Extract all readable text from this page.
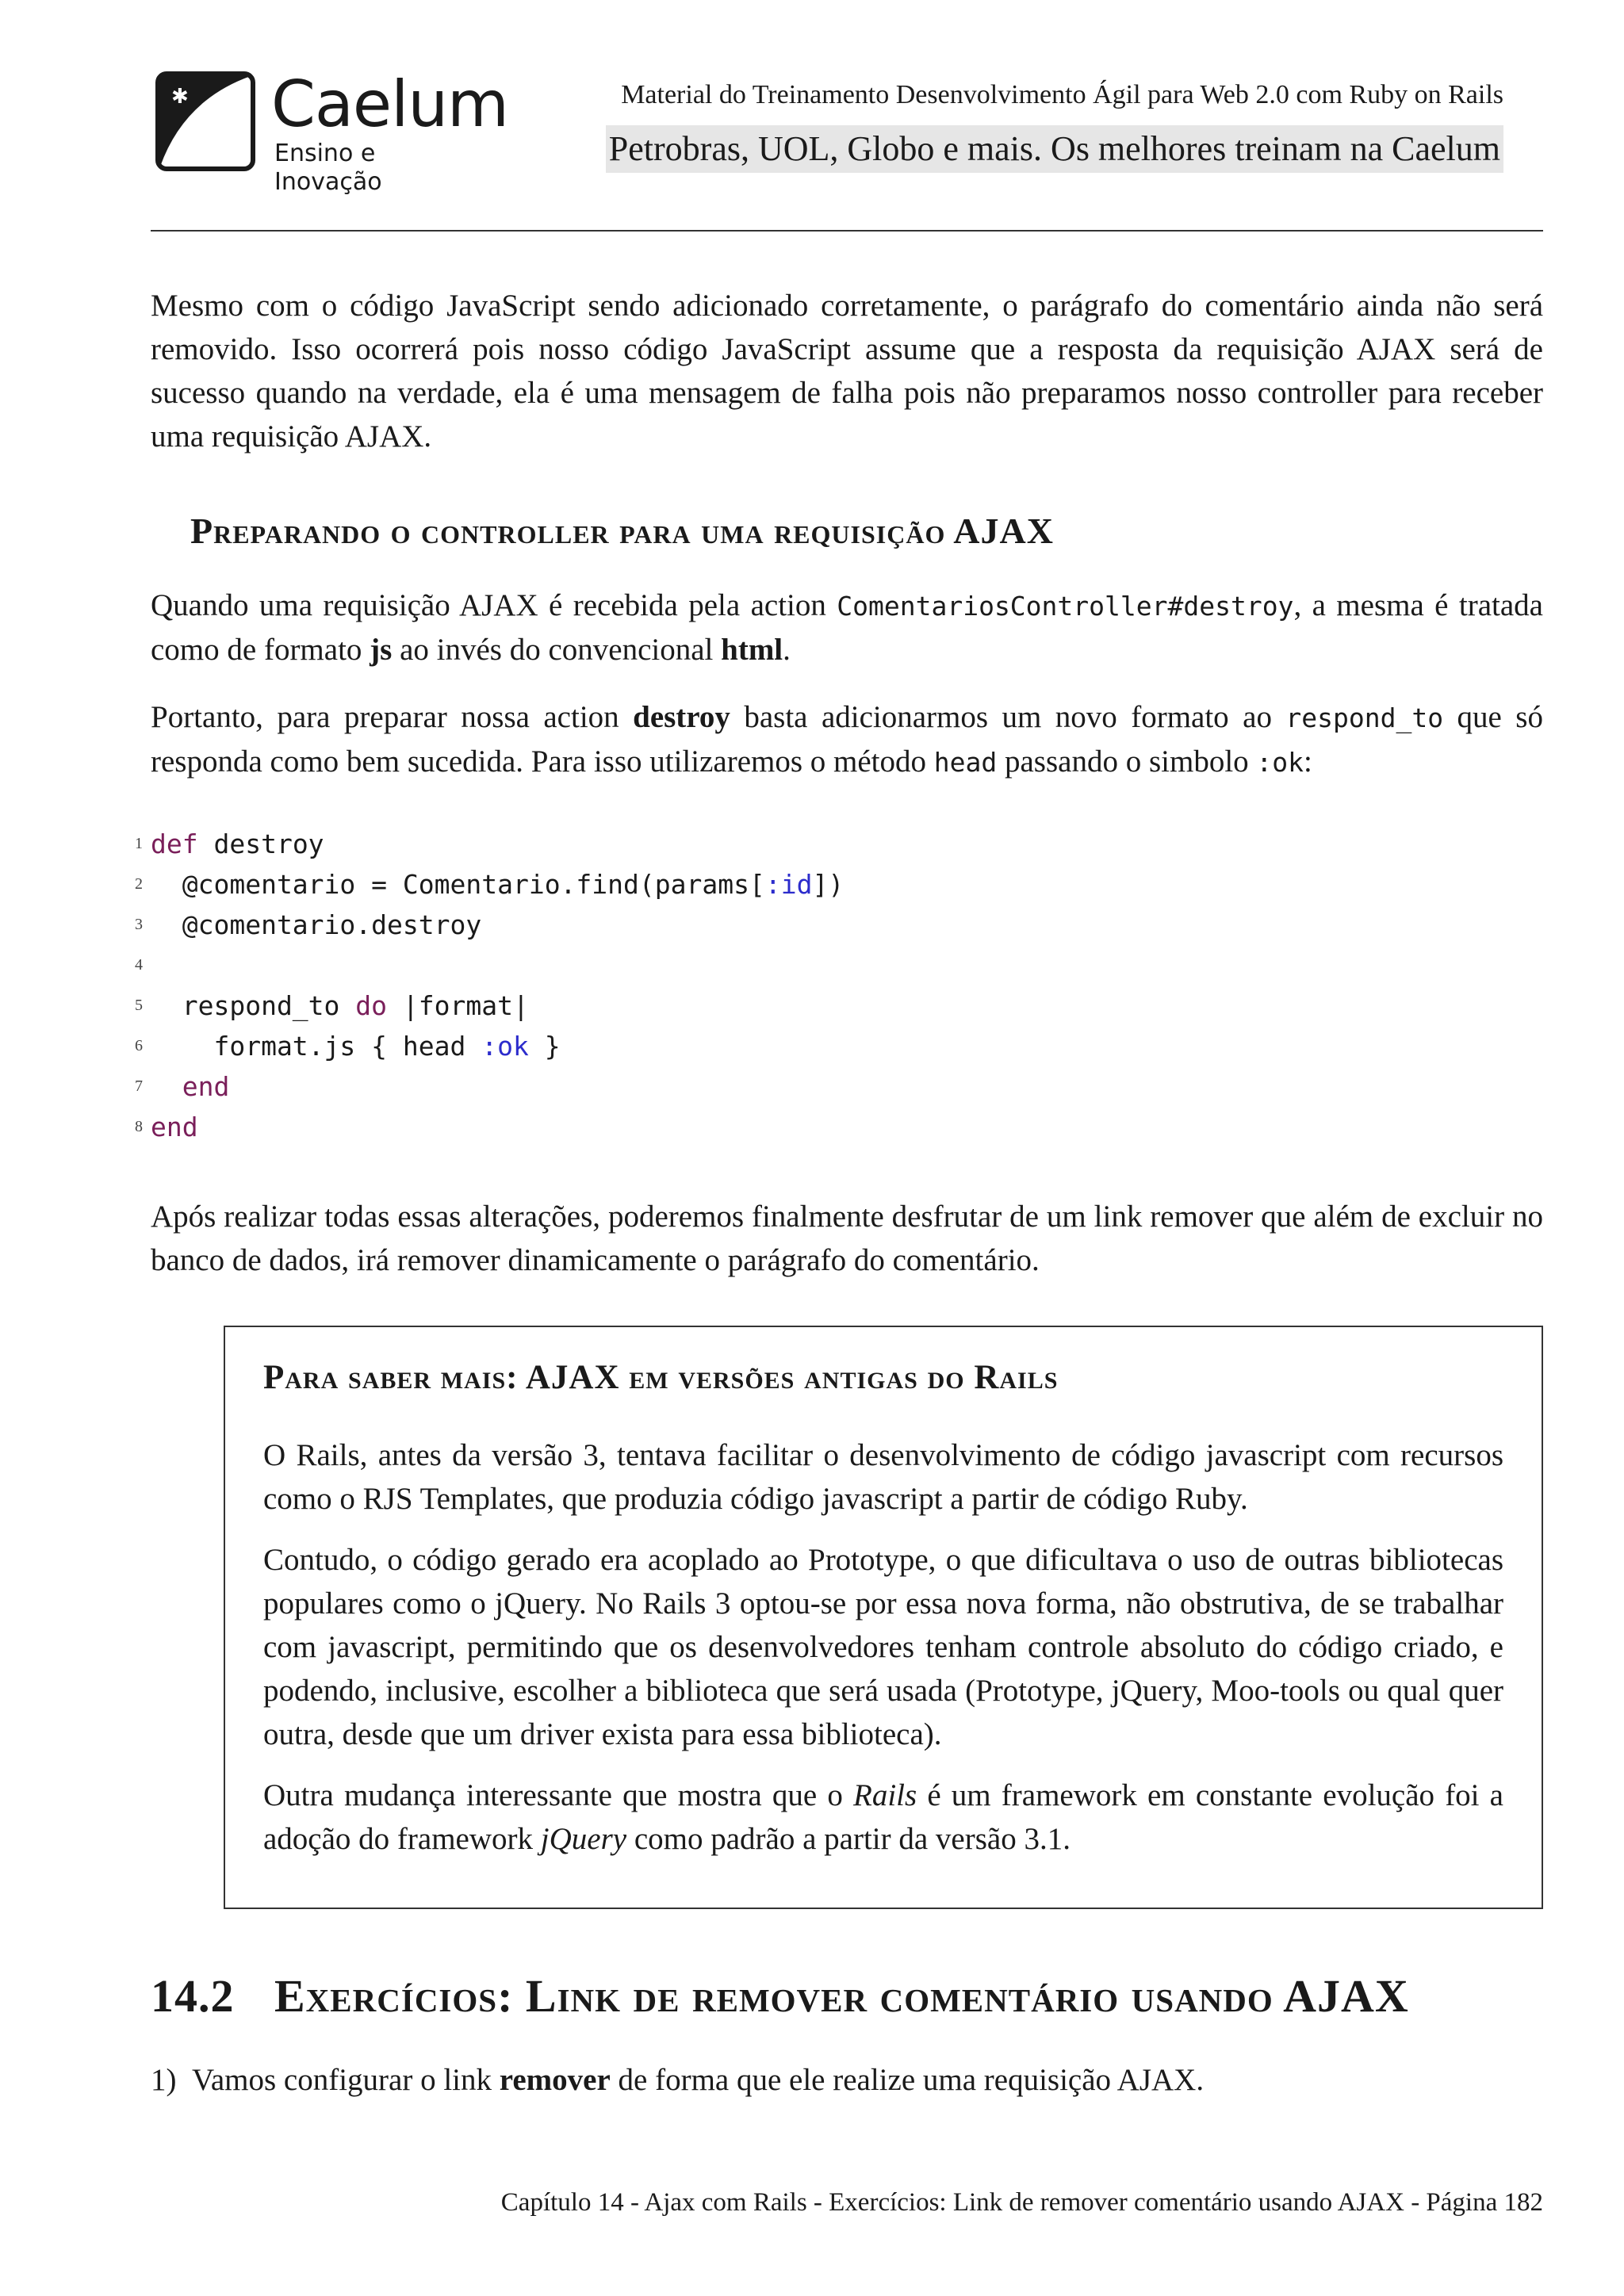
✱ Caelum
Ensino e Inovação
Material do Treinamento Desenvolvimento Ágil para Web 2.0 com Ruby on Rails
Petrobras, UOL, Globo e mais. Os melhores treinam na Caelum

Mesmo com o código JavaScript sendo adicionado corretamente, o parágrafo do comentário ainda não será removido. Isso ocorrerá pois nosso código JavaScript assume que a resposta da requisição AJAX será de sucesso quando na verdade, ela é uma mensagem de falha pois não preparamos nosso controller para receber uma requisição AJAX.

Preparando o controller para uma requisição AJAX

Quando uma requisição AJAX é recebida pela action ComentariosController#destroy, a mesma é tratada como de formato js ao invés do convencional html.

Portanto, para preparar nossa action destroy basta adicionarmos um novo formato ao respond_to que só responda como bem sucedida. Para isso utilizaremos o método head passando o simbolo :ok:

1 def destroy
2 @comentario = Comentario.find(params[:id])
3 @comentario.destroy
4
5 respond_to do |format|
6 format.js { head :ok }
7 end
8 end

Após realizar todas essas alterações, poderemos finalmente desfrutar de um link remover que além de excluir no banco de dados, irá remover dinamicamente o parágrafo do comentário.

Para saber mais: AJAX em versões antigas do Rails

O Rails, antes da versão 3, tentava facilitar o desenvolvimento de código javascript com recursos como o RJS Templates, que produzia código javascript a partir de código Ruby.

Contudo, o código gerado era acoplado ao Prototype, o que dificultava o uso de outras bibliotecas populares como o jQuery. No Rails 3 optou-se por essa nova forma, não obstrutiva, de se trabalhar com javascript, permitindo que os desenvolvedores tenham controle absoluto do código criado, e podendo, inclusive, escolher a biblioteca que será usada (Prototype, jQuery, Moo-tools ou qual quer outra, desde que um driver exista para essa biblioteca).

Outra mudança interessante que mostra que o Rails é um framework em constante evolução foi a adoção do framework jQuery como padrão a partir da versão 3.1.

14.2 Exercícios: Link de remover comentário usando AJAX

1) Vamos configurar o link remover de forma que ele realize uma requisição AJAX.

Capítulo 14 - Ajax com Rails - Exercícios: Link de remover comentário usando AJAX - Página 182
